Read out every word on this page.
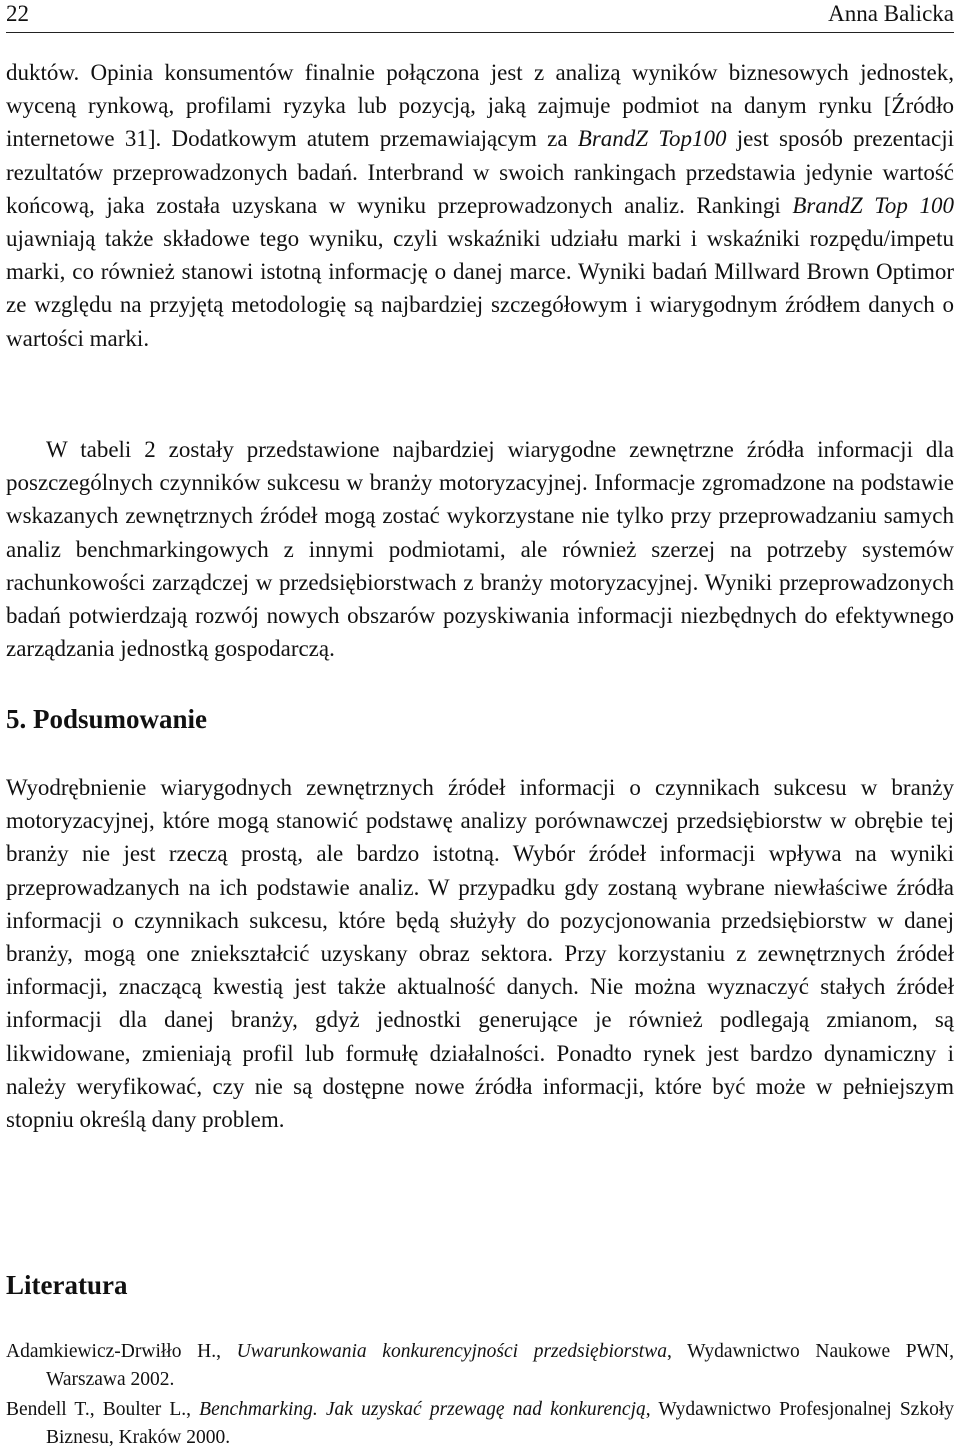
22	Anna Balicka

duktów. Opinia konsumentów finalnie połączona jest z analizą wyników biznesowych jednostek, wyceną rynkową, profilami ryzyka lub pozycją, jaką zajmuje podmiot na danym rynku [Źródło internetowe 31]. Dodatkowym atutem przemawiającym za BrandZ Top100 jest sposób prezentacji rezultatów przeprowadzonych badań. Interbrand w swoich rankingach przedstawia jedynie wartość końcową, jaka została uzyskana w wyniku przeprowadzonych analiz. Rankingi BrandZ Top 100 ujawniają także składowe tego wyniku, czyli wskaźniki udziału marki i wskaźniki rozpędu/impetu marki, co również stanowi istotną informację o danej marce. Wyniki badań Millward Brown Optimor ze względu na przyjętą metodologię są najbardziej szczegółowym i wiarygodnym źródłem danych o wartości marki.

W tabeli 2 zostały przedstawione najbardziej wiarygodne zewnętrzne źródła informacji dla poszczególnych czynników sukcesu w branży motoryzacyjnej. Informacje zgromadzone na podstawie wskazanych zewnętrznych źródeł mogą zostać wykorzystane nie tylko przy przeprowadzaniu samych analiz benchmarkingowych z innymi podmiotami, ale również szerzej na potrzeby systemów rachunkowości zarządczej w przedsiębiorstwach z branży motoryzacyjnej. Wyniki przeprowadzonych badań potwierdzają rozwój nowych obszarów pozyskiwania informacji niezbędnych do efektywnego zarządzania jednostką gospodarczą.

5. Podsumowanie

Wyodrębnienie wiarygodnych zewnętrznych źródeł informacji o czynnikach sukcesu w branży motoryzacyjnej, które mogą stanowić podstawę analizy porównawczej przedsiębiorstw w obrębie tej branży nie jest rzeczą prostą, ale bardzo istotną. Wybór źródeł informacji wpływa na wyniki przeprowadzanych na ich podstawie analiz. W przypadku gdy zostaną wybrane niewłaściwe źródła informacji o czynnikach sukcesu, które będą służyły do pozycjonowania przedsiębiorstw w danej branży, mogą one zniekształcić uzyskany obraz sektora. Przy korzystaniu z zewnętrznych źródeł informacji, znaczącą kwestią jest także aktualność danych. Nie można wyznaczyć stałych źródeł informacji dla danej branży, gdyż jednostki generujące je również podlegają zmianom, są likwidowane, zmieniają profil lub formułę działalności. Ponadto rynek jest bardzo dynamiczny i należy weryfikować, czy nie są dostępne nowe źródła informacji, które być może w pełniejszym stopniu określą dany problem.

Literatura

Adamkiewicz-Drwiłło H., Uwarunkowania konkurencyjności przedsiębiorstwa, Wydawnictwo Naukowe PWN, Warszawa 2002.

Bendell T., Boulter L., Benchmarking. Jak uzyskać przewagę nad konkurencją, Wydawnictwo Profesjonalnej Szkoły Biznesu, Kraków 2000.
